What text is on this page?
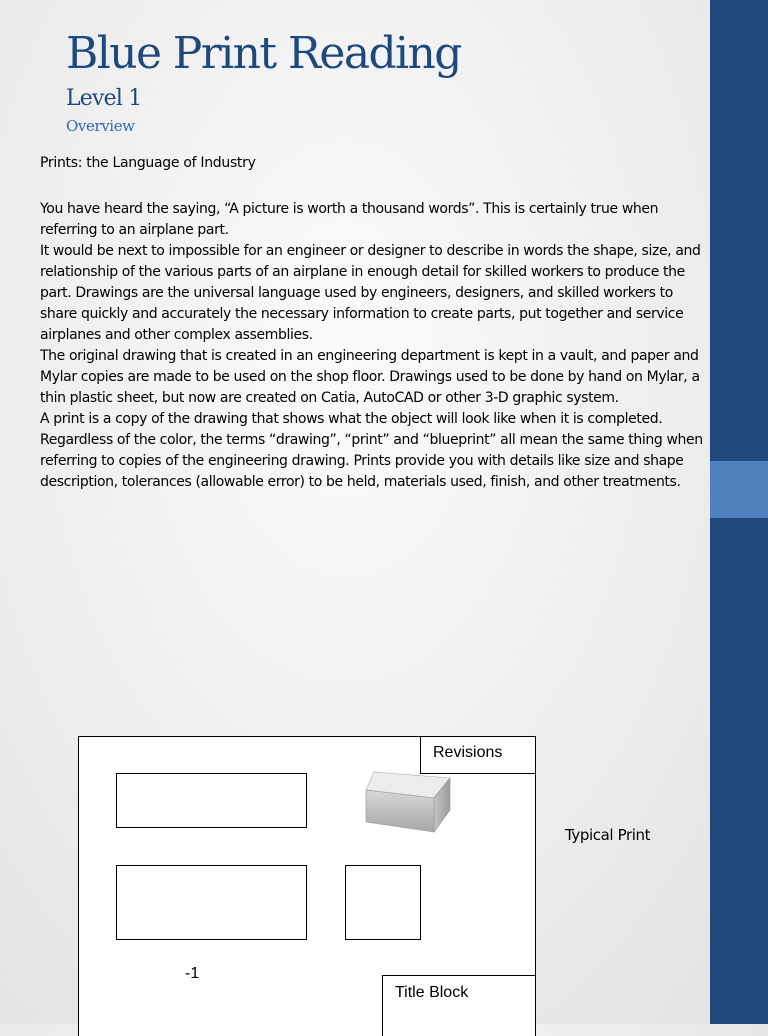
Blue Print Reading
Level 1
Overview
Prints: the Language of Industry

You have heard the saying, “A picture is worth a thousand words”. This is certainly true when referring to an airplane part.

It would be next to impossible for an engineer or designer to describe in words the shape, size, and relationship of the various parts of an airplane in enough detail for skilled workers to produce the part. Drawings are the universal language used by engineers, designers, and skilled workers to share quickly and accurately the necessary information to create parts, put together and service airplanes and other complex assemblies.

The original drawing that is created in an engineering department is kept in a vault, and paper and Mylar copies are made to be used on the shop floor. Drawings used to be done by hand on Mylar, a thin plastic sheet, but now are created on Catia, AutoCAD or other 3-D graphic system.

A print is a copy of the drawing that shows what the object will look like when it is completed. Regardless of the color, the terms “drawing”, “print” and “blueprint” all mean the same thing when referring to copies of the engineering drawing. Prints provide you with details like size and shape description, tolerances (allowable error) to be held, materials used, finish, and other treatments.

Revisions
-1
Title Block
Typical Print
